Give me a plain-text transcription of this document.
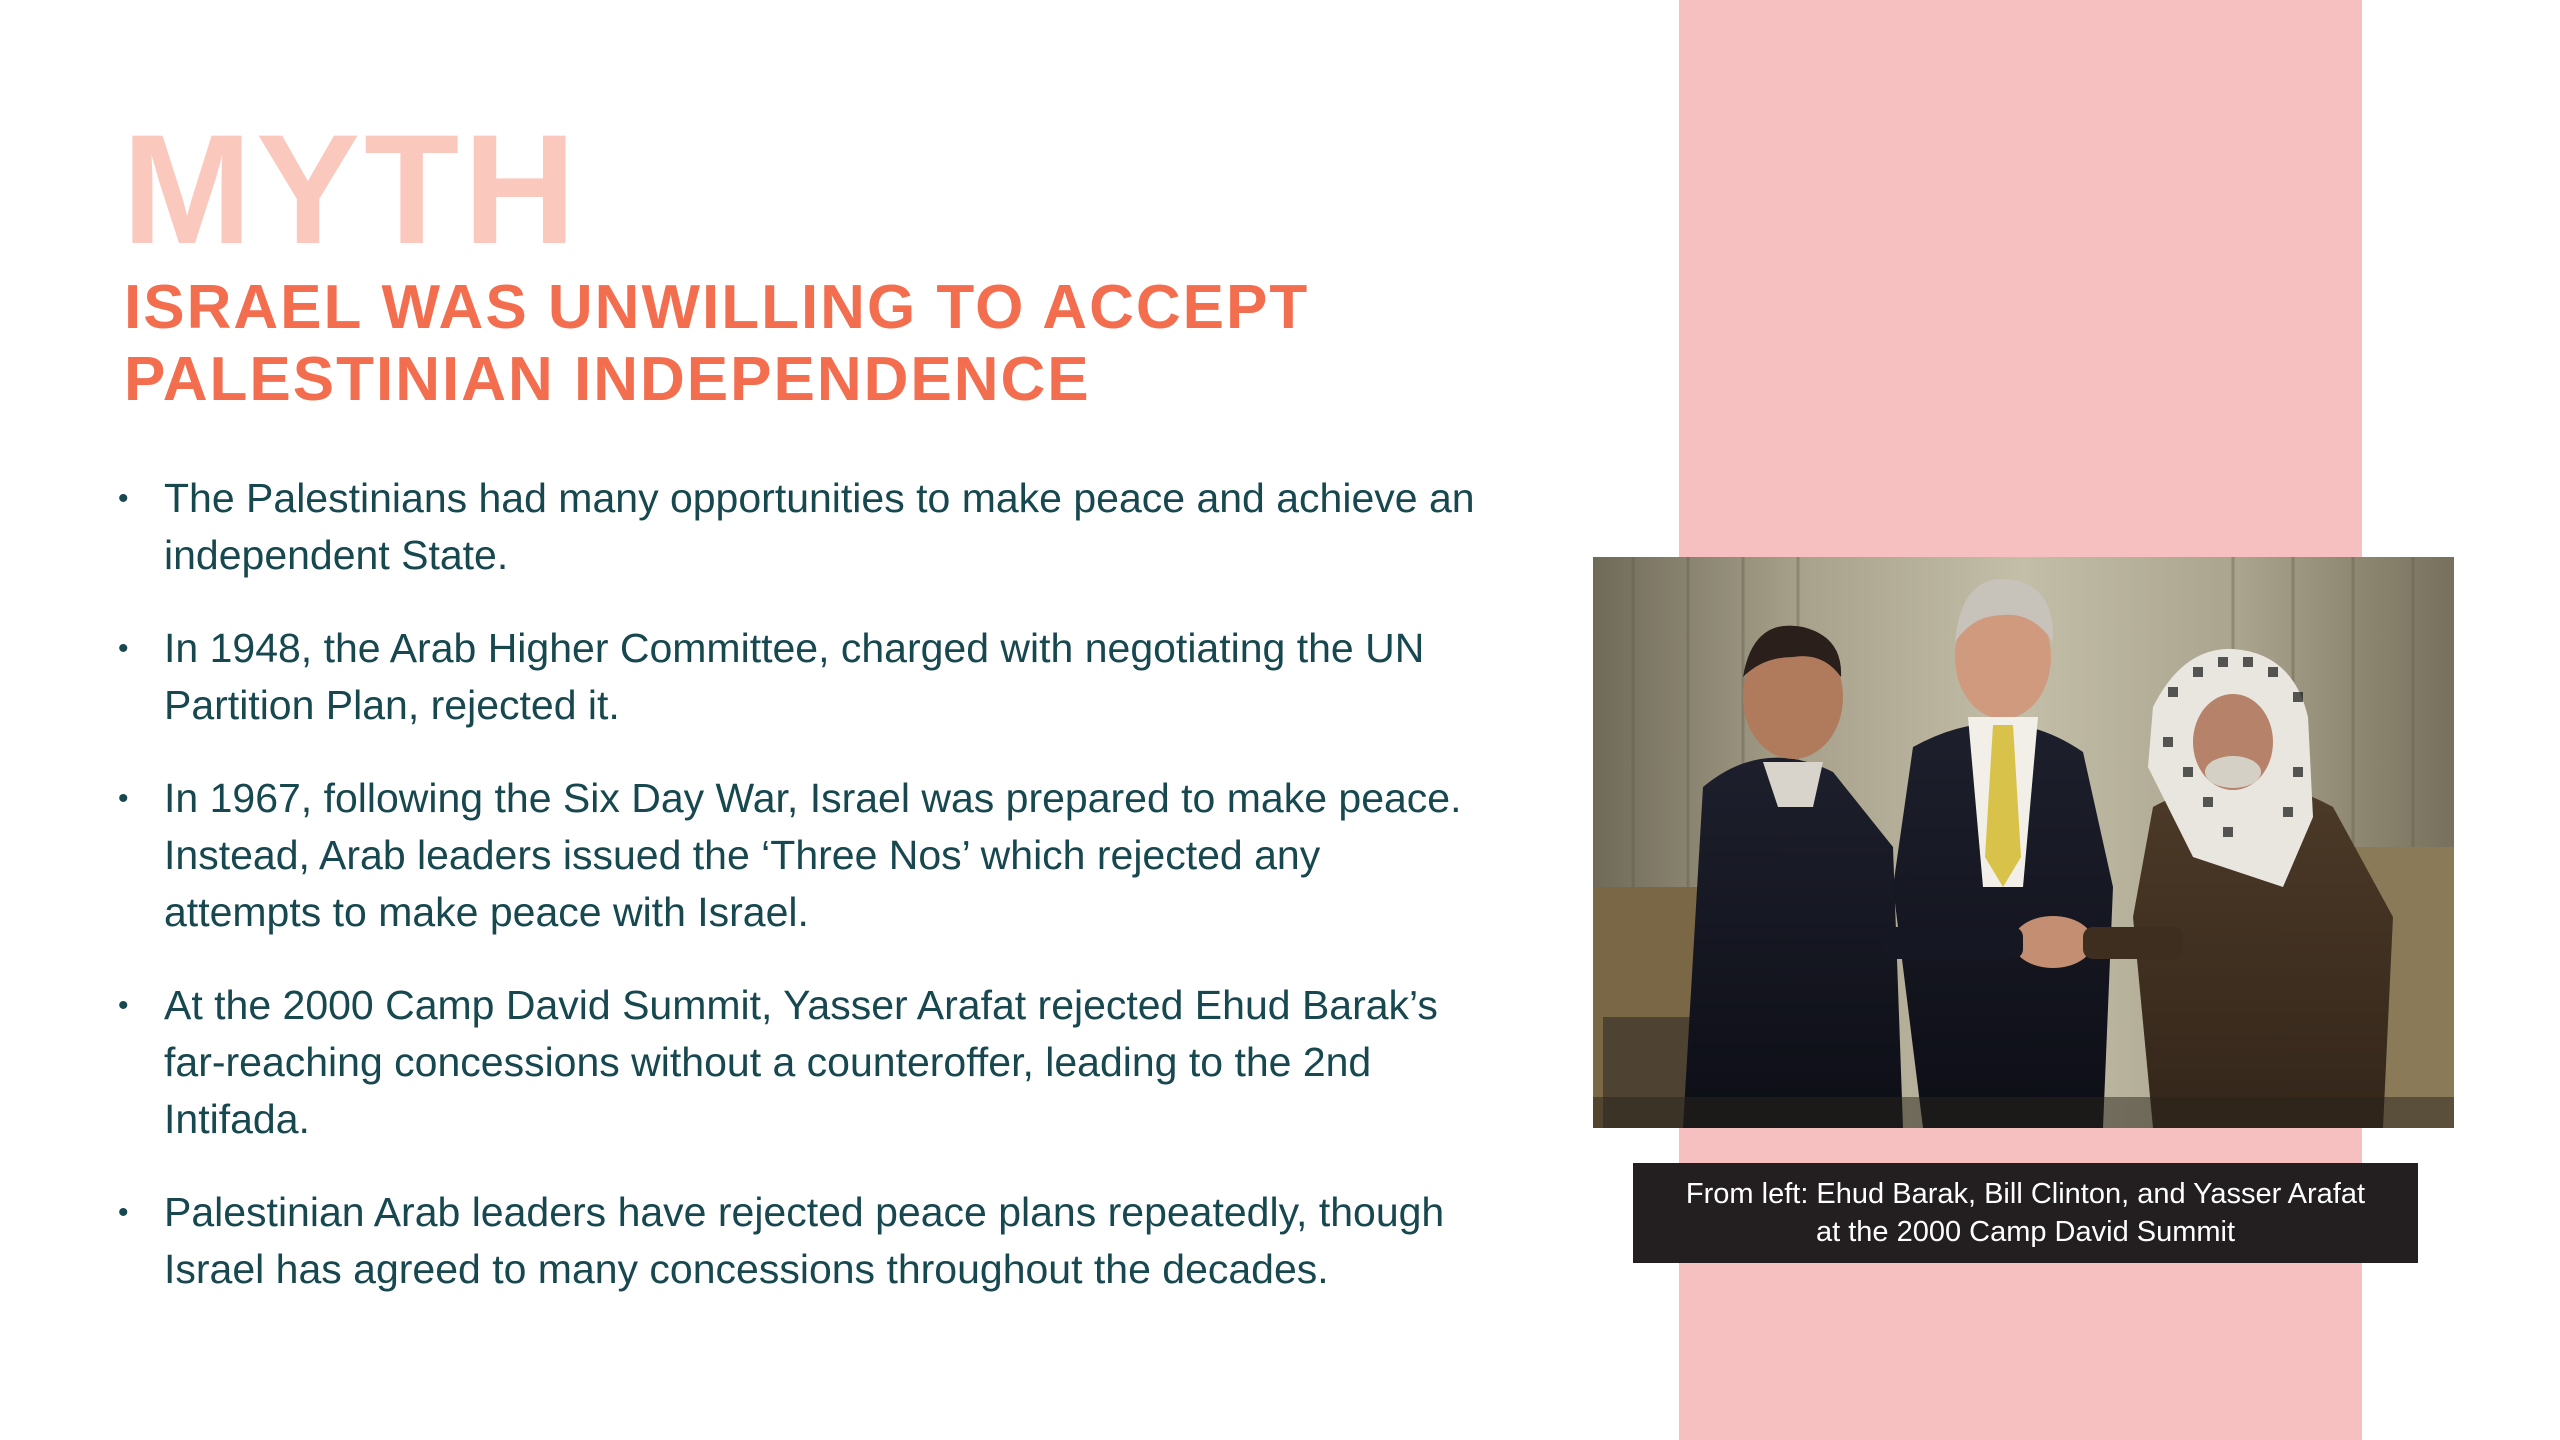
MYTH
ISRAEL WAS UNWILLING TO ACCEPT PALESTINIAN INDEPENDENCE
• The Palestinians had many opportunities to make peace and achieve an independent State.
• In 1948, the Arab Higher Committee, charged with negotiating the UN Partition Plan, rejected it.
• In 1967, following the Six Day War, Israel was prepared to make peace. Instead, Arab leaders issued the ‘Three Nos’ which rejected any attempts to make peace with Israel.
• At the 2000 Camp David Summit, Yasser Arafat rejected Ehud Barak’s far-reaching concessions without a counteroffer, leading to the 2nd Intifada.
• Palestinian Arab leaders have rejected peace plans repeatedly, though Israel has agreed to many concessions throughout the decades.
From left: Ehud Barak, Bill Clinton, and Yasser Arafat
at the 2000 Camp David Summit
